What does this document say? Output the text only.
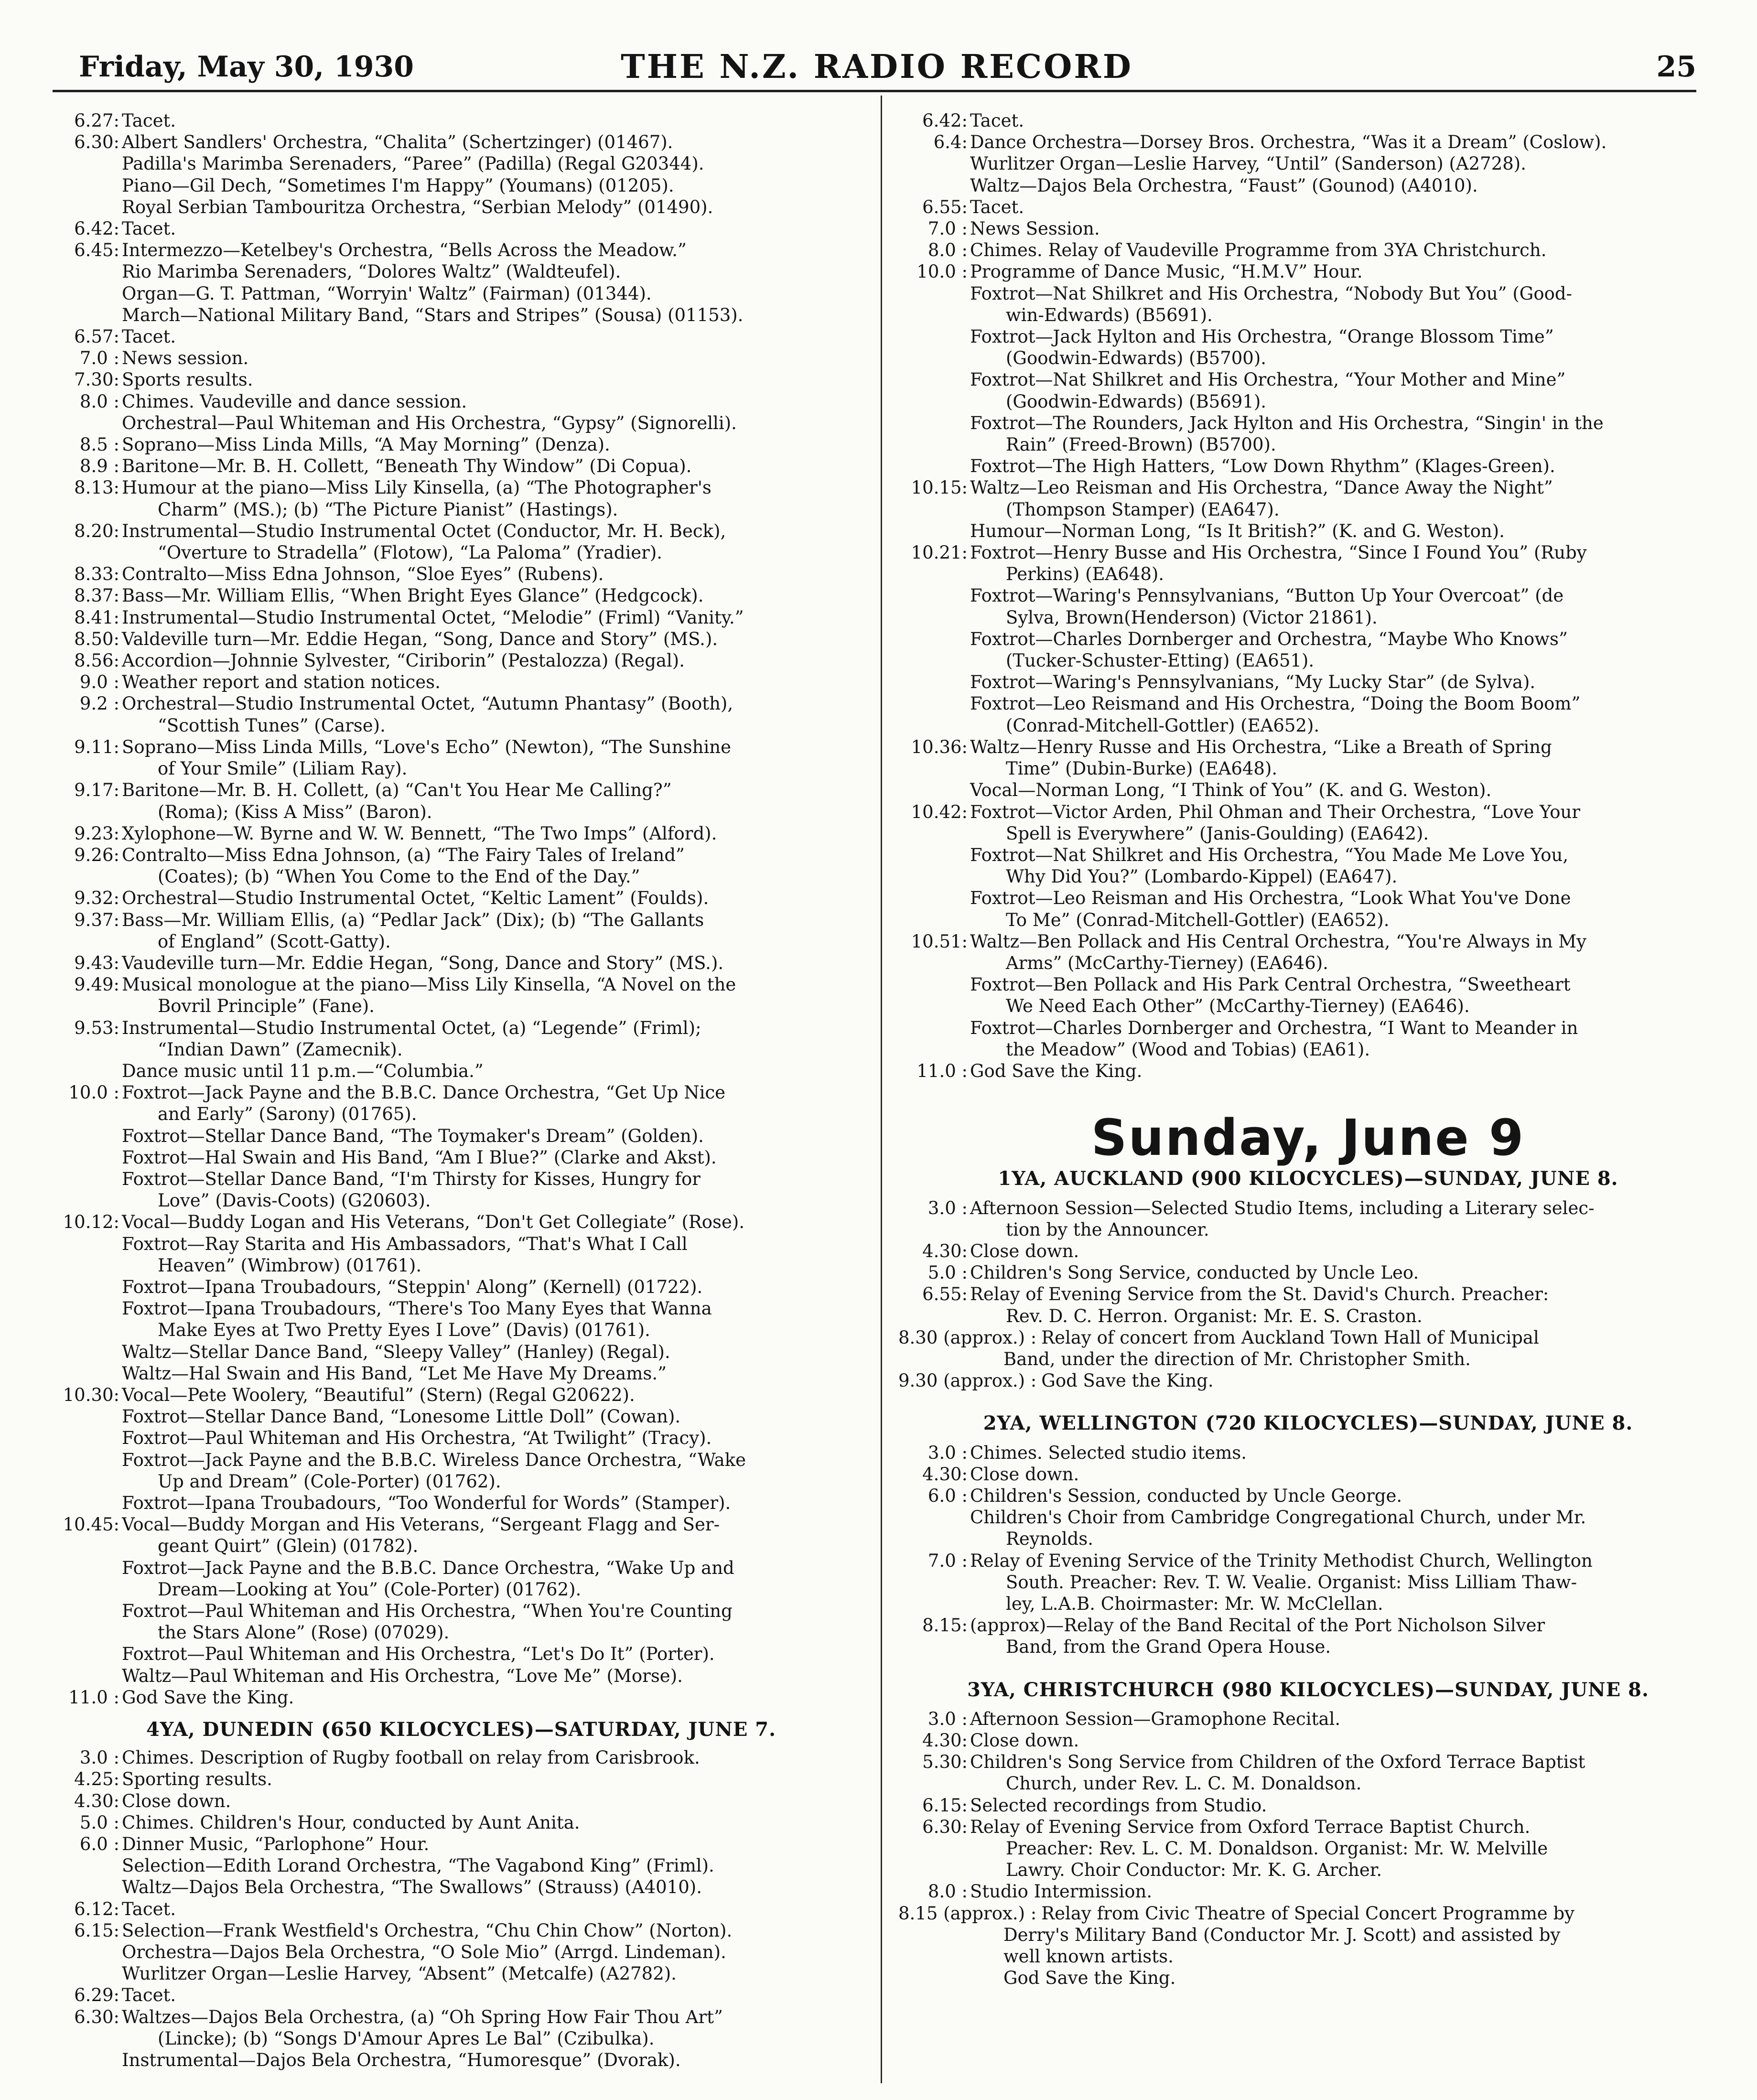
Friday, May 30, 1930	THE N.Z. RADIO RECORD	25
6.27: Tacet.
6.30: Albert Sandlers' Orchestra, “Chalita” (Schertzinger) (01467).
Padilla's Marimba Serenaders, “Paree” (Padilla) (Regal G20344).
Piano—Gil Dech, “Sometimes I'm Happy” (Youmans) (01205).
Royal Serbian Tambouritza Orchestra, “Serbian Melody” (01490).
6.42: Tacet.
6.45: Intermezzo—Ketelbey's Orchestra, “Bells Across the Meadow.”
Rio Marimba Serenaders, “Dolores Waltz” (Waldteufel).
Organ—G. T. Pattman, “Worryin' Waltz” (Fairman) (01344).
March—National Military Band, “Stars and Stripes” (Sousa) (01153).
6.57: Tacet.
7.0 : News session.
7.30: Sports results.
8.0 : Chimes. Vaudeville and dance session.
Orchestral—Paul Whiteman and His Orchestra, “Gypsy” (Signorelli).
8.5 : Soprano—Miss Linda Mills, “A May Morning” (Denza).
8.9 : Baritone—Mr. B. H. Collett, “Beneath Thy Window” (Di Copua).
8.13: Humour at the piano—Miss Lily Kinsella, (a) “The Photographer's
Charm” (MS.); (b) “The Picture Pianist” (Hastings).
8.20: Instrumental—Studio Instrumental Octet (Conductor, Mr. H. Beck),
“Overture to Stradella” (Flotow), “La Paloma” (Yradier).
8.33: Contralto—Miss Edna Johnson, “Sloe Eyes” (Rubens).
8.37: Bass—Mr. William Ellis, “When Bright Eyes Glance” (Hedgcock).
8.41: Instrumental—Studio Instrumental Octet, “Melodie” (Friml) “Vanity.”
8.50: Valdeville turn—Mr. Eddie Hegan, “Song, Dance and Story” (MS.).
8.56: Accordion—Johnnie Sylvester, “Ciriborin” (Pestalozza) (Regal).
9.0 : Weather report and station notices.
9.2 : Orchestral—Studio Instrumental Octet, “Autumn Phantasy” (Booth),
“Scottish Tunes” (Carse).
9.11: Soprano—Miss Linda Mills, “Love's Echo” (Newton), “The Sunshine
of Your Smile” (Liliam Ray).
9.17: Baritone—Mr. B. H. Collett, (a) “Can't You Hear Me Calling?”
(Roma); (Kiss A Miss” (Baron).
9.23: Xylophone—W. Byrne and W. W. Bennett, “The Two Imps” (Alford).
9.26: Contralto—Miss Edna Johnson, (a) “The Fairy Tales of Ireland”
(Coates); (b) “When You Come to the End of the Day.”
9.32: Orchestral—Studio Instrumental Octet, “Keltic Lament” (Foulds).
9.37: Bass—Mr. William Ellis, (a) “Pedlar Jack” (Dix); (b) “The Gallants
of England” (Scott-Gatty).
9.43: Vaudeville turn—Mr. Eddie Hegan, “Song, Dance and Story” (MS.).
9.49: Musical monologue at the piano—Miss Lily Kinsella, “A Novel on the
Bovril Principle” (Fane).
9.53: Instrumental—Studio Instrumental Octet, (a) “Legende” (Friml);
“Indian Dawn” (Zamecnik).
Dance music until 11 p.m.—“Columbia.”
10.0 : Foxtrot—Jack Payne and the B.B.C. Dance Orchestra, “Get Up Nice
and Early” (Sarony) (01765).
Foxtrot—Stellar Dance Band, “The Toymaker's Dream” (Golden).
Foxtrot—Hal Swain and His Band, “Am I Blue?” (Clarke and Akst).
Foxtrot—Stellar Dance Band, “I'm Thirsty for Kisses, Hungry for
Love” (Davis-Coots) (G20603).
10.12: Vocal—Buddy Logan and His Veterans, “Don't Get Collegiate” (Rose).
Foxtrot—Ray Starita and His Ambassadors, “That's What I Call
Heaven” (Wimbrow) (01761).
Foxtrot—Ipana Troubadours, “Steppin' Along” (Kernell) (01722).
Foxtrot—Ipana Troubadours, “There's Too Many Eyes that Wanna
Make Eyes at Two Pretty Eyes I Love” (Davis) (01761).
Waltz—Stellar Dance Band, “Sleepy Valley” (Hanley) (Regal).
Waltz—Hal Swain and His Band, “Let Me Have My Dreams.”
10.30: Vocal—Pete Woolery, “Beautiful” (Stern) (Regal G20622).
Foxtrot—Stellar Dance Band, “Lonesome Little Doll” (Cowan).
Foxtrot—Paul Whiteman and His Orchestra, “At Twilight” (Tracy).
Foxtrot—Jack Payne and the B.B.C. Wireless Dance Orchestra, “Wake
Up and Dream” (Cole-Porter) (01762).
Foxtrot—Ipana Troubadours, “Too Wonderful for Words” (Stamper).
10.45: Vocal—Buddy Morgan and His Veterans, “Sergeant Flagg and Ser-
geant Quirt” (Glein) (01782).
Foxtrot—Jack Payne and the B.B.C. Dance Orchestra, “Wake Up and
Dream—Looking at You” (Cole-Porter) (01762).
Foxtrot—Paul Whiteman and His Orchestra, “When You're Counting
the Stars Alone” (Rose) (07029).
Foxtrot—Paul Whiteman and His Orchestra, “Let's Do It” (Porter).
Waltz—Paul Whiteman and His Orchestra, “Love Me” (Morse).
11.0 : God Save the King.
4YA, DUNEDIN (650 KILOCYCLES)—SATURDAY, JUNE 7.
3.0 : Chimes. Description of Rugby football on relay from Carisbrook.
4.25: Sporting results.
4.30: Close down.
5.0 : Chimes. Children's Hour, conducted by Aunt Anita.
6.0 : Dinner Music, “Parlophone” Hour.
Selection—Edith Lorand Orchestra, “The Vagabond King” (Friml).
Waltz—Dajos Bela Orchestra, “The Swallows” (Strauss) (A4010).
6.12: Tacet.
6.15: Selection—Frank Westfield's Orchestra, “Chu Chin Chow” (Norton).
Orchestra—Dajos Bela Orchestra, “O Sole Mio” (Arrgd. Lindeman).
Wurlitzer Organ—Leslie Harvey, “Absent” (Metcalfe) (A2782).
6.29: Tacet.
6.30: Waltzes—Dajos Bela Orchestra, (a) “Oh Spring How Fair Thou Art”
(Lincke); (b) “Songs D'Amour Apres Le Bal” (Czibulka).
Instrumental—Dajos Bela Orchestra, “Humoresque” (Dvorak).
6.42: Tacet.
6.4: Dance Orchestra—Dorsey Bros. Orchestra, “Was it a Dream” (Coslow).
Wurlitzer Organ—Leslie Harvey, “Until” (Sanderson) (A2728).
Waltz—Dajos Bela Orchestra, “Faust” (Gounod) (A4010).
6.55: Tacet.
7.0 : News Session.
8.0 : Chimes. Relay of Vaudeville Programme from 3YA Christchurch.
10.0 : Programme of Dance Music, “H.M.V” Hour.
Foxtrot—Nat Shilkret and His Orchestra, “Nobody But You” (Good-
win-Edwards) (B5691).
Foxtrot—Jack Hylton and His Orchestra, “Orange Blossom Time”
(Goodwin-Edwards) (B5700).
Foxtrot—Nat Shilkret and His Orchestra, “Your Mother and Mine”
(Goodwin-Edwards) (B5691).
Foxtrot—The Rounders, Jack Hylton and His Orchestra, “Singin' in the
Rain” (Freed-Brown) (B5700).
Foxtrot—The High Hatters, “Low Down Rhythm” (Klages-Green).
10.15: Waltz—Leo Reisman and His Orchestra, “Dance Away the Night”
(Thompson Stamper) (EA647).
Humour—Norman Long, “Is It British?” (K. and G. Weston).
10.21: Foxtrot—Henry Busse and His Orchestra, “Since I Found You” (Ruby
Perkins) (EA648).
Foxtrot—Waring's Pennsylvanians, “Button Up Your Overcoat” (de
Sylva, Brown(Henderson) (Victor 21861).
Foxtrot—Charles Dornberger and Orchestra, “Maybe Who Knows”
(Tucker-Schuster-Etting) (EA651).
Foxtrot—Waring's Pennsylvanians, “My Lucky Star” (de Sylva).
Foxtrot—Leo Reismand and His Orchestra, “Doing the Boom Boom”
(Conrad-Mitchell-Gottler) (EA652).
10.36: Waltz—Henry Russe and His Orchestra, “Like a Breath of Spring
Time” (Dubin-Burke) (EA648).
Vocal—Norman Long, “I Think of You” (K. and G. Weston).
10.42: Foxtrot—Victor Arden, Phil Ohman and Their Orchestra, “Love Your
Spell is Everywhere” (Janis-Goulding) (EA642).
Foxtrot—Nat Shilkret and His Orchestra, “You Made Me Love You,
Why Did You?” (Lombardo-Kippel) (EA647).
Foxtrot—Leo Reisman and His Orchestra, “Look What You've Done
To Me” (Conrad-Mitchell-Gottler) (EA652).
10.51: Waltz—Ben Pollack and His Central Orchestra, “You're Always in My
Arms” (McCarthy-Tierney) (EA646).
Foxtrot—Ben Pollack and His Park Central Orchestra, “Sweetheart
We Need Each Other” (McCarthy-Tierney) (EA646).
Foxtrot—Charles Dornberger and Orchestra, “I Want to Meander in
the Meadow” (Wood and Tobias) (EA61).
11.0 : God Save the King.
Sunday, June 9
1YA, AUCKLAND (900 KILOCYCLES)—SUNDAY, JUNE 8.
3.0 : Afternoon Session—Selected Studio Items, including a Literary selec-
tion by the Announcer.
4.30: Close down.
5.0 : Children's Song Service, conducted by Uncle Leo.
6.55: Relay of Evening Service from the St. David's Church. Preacher:
Rev. D. C. Herron. Organist: Mr. E. S. Craston.
8.30 (approx.) : Relay of concert from Auckland Town Hall of Municipal
Band, under the direction of Mr. Christopher Smith.
9.30 (approx.) : God Save the King.
2YA, WELLINGTON (720 KILOCYCLES)—SUNDAY, JUNE 8.
3.0 : Chimes. Selected studio items.
4.30: Close down.
6.0 : Children's Session, conducted by Uncle George.
Children's Choir from Cambridge Congregational Church, under Mr.
Reynolds.
7.0 : Relay of Evening Service of the Trinity Methodist Church, Wellington
South. Preacher: Rev. T. W. Vealie. Organist: Miss Lilliam Thaw-
ley, L.A.B. Choirmaster: Mr. W. McClellan.
8.15: (approx)—Relay of the Band Recital of the Port Nicholson Silver
Band, from the Grand Opera House.
3YA, CHRISTCHURCH (980 KILOCYCLES)—SUNDAY, JUNE 8.
3.0 : Afternoon Session—Gramophone Recital.
4.30: Close down.
5.30: Children's Song Service from Children of the Oxford Terrace Baptist
Church, under Rev. L. C. M. Donaldson.
6.15: Selected recordings from Studio.
6.30: Relay of Evening Service from Oxford Terrace Baptist Church.
Preacher: Rev. L. C. M. Donaldson. Organist: Mr. W. Melville
Lawry. Choir Conductor: Mr. K. G. Archer.
8.0 : Studio Intermission.
8.15 (approx.) : Relay from Civic Theatre of Special Concert Programme by
Derry's Military Band (Conductor Mr. J. Scott) and assisted by
well known artists.
God Save the King.
